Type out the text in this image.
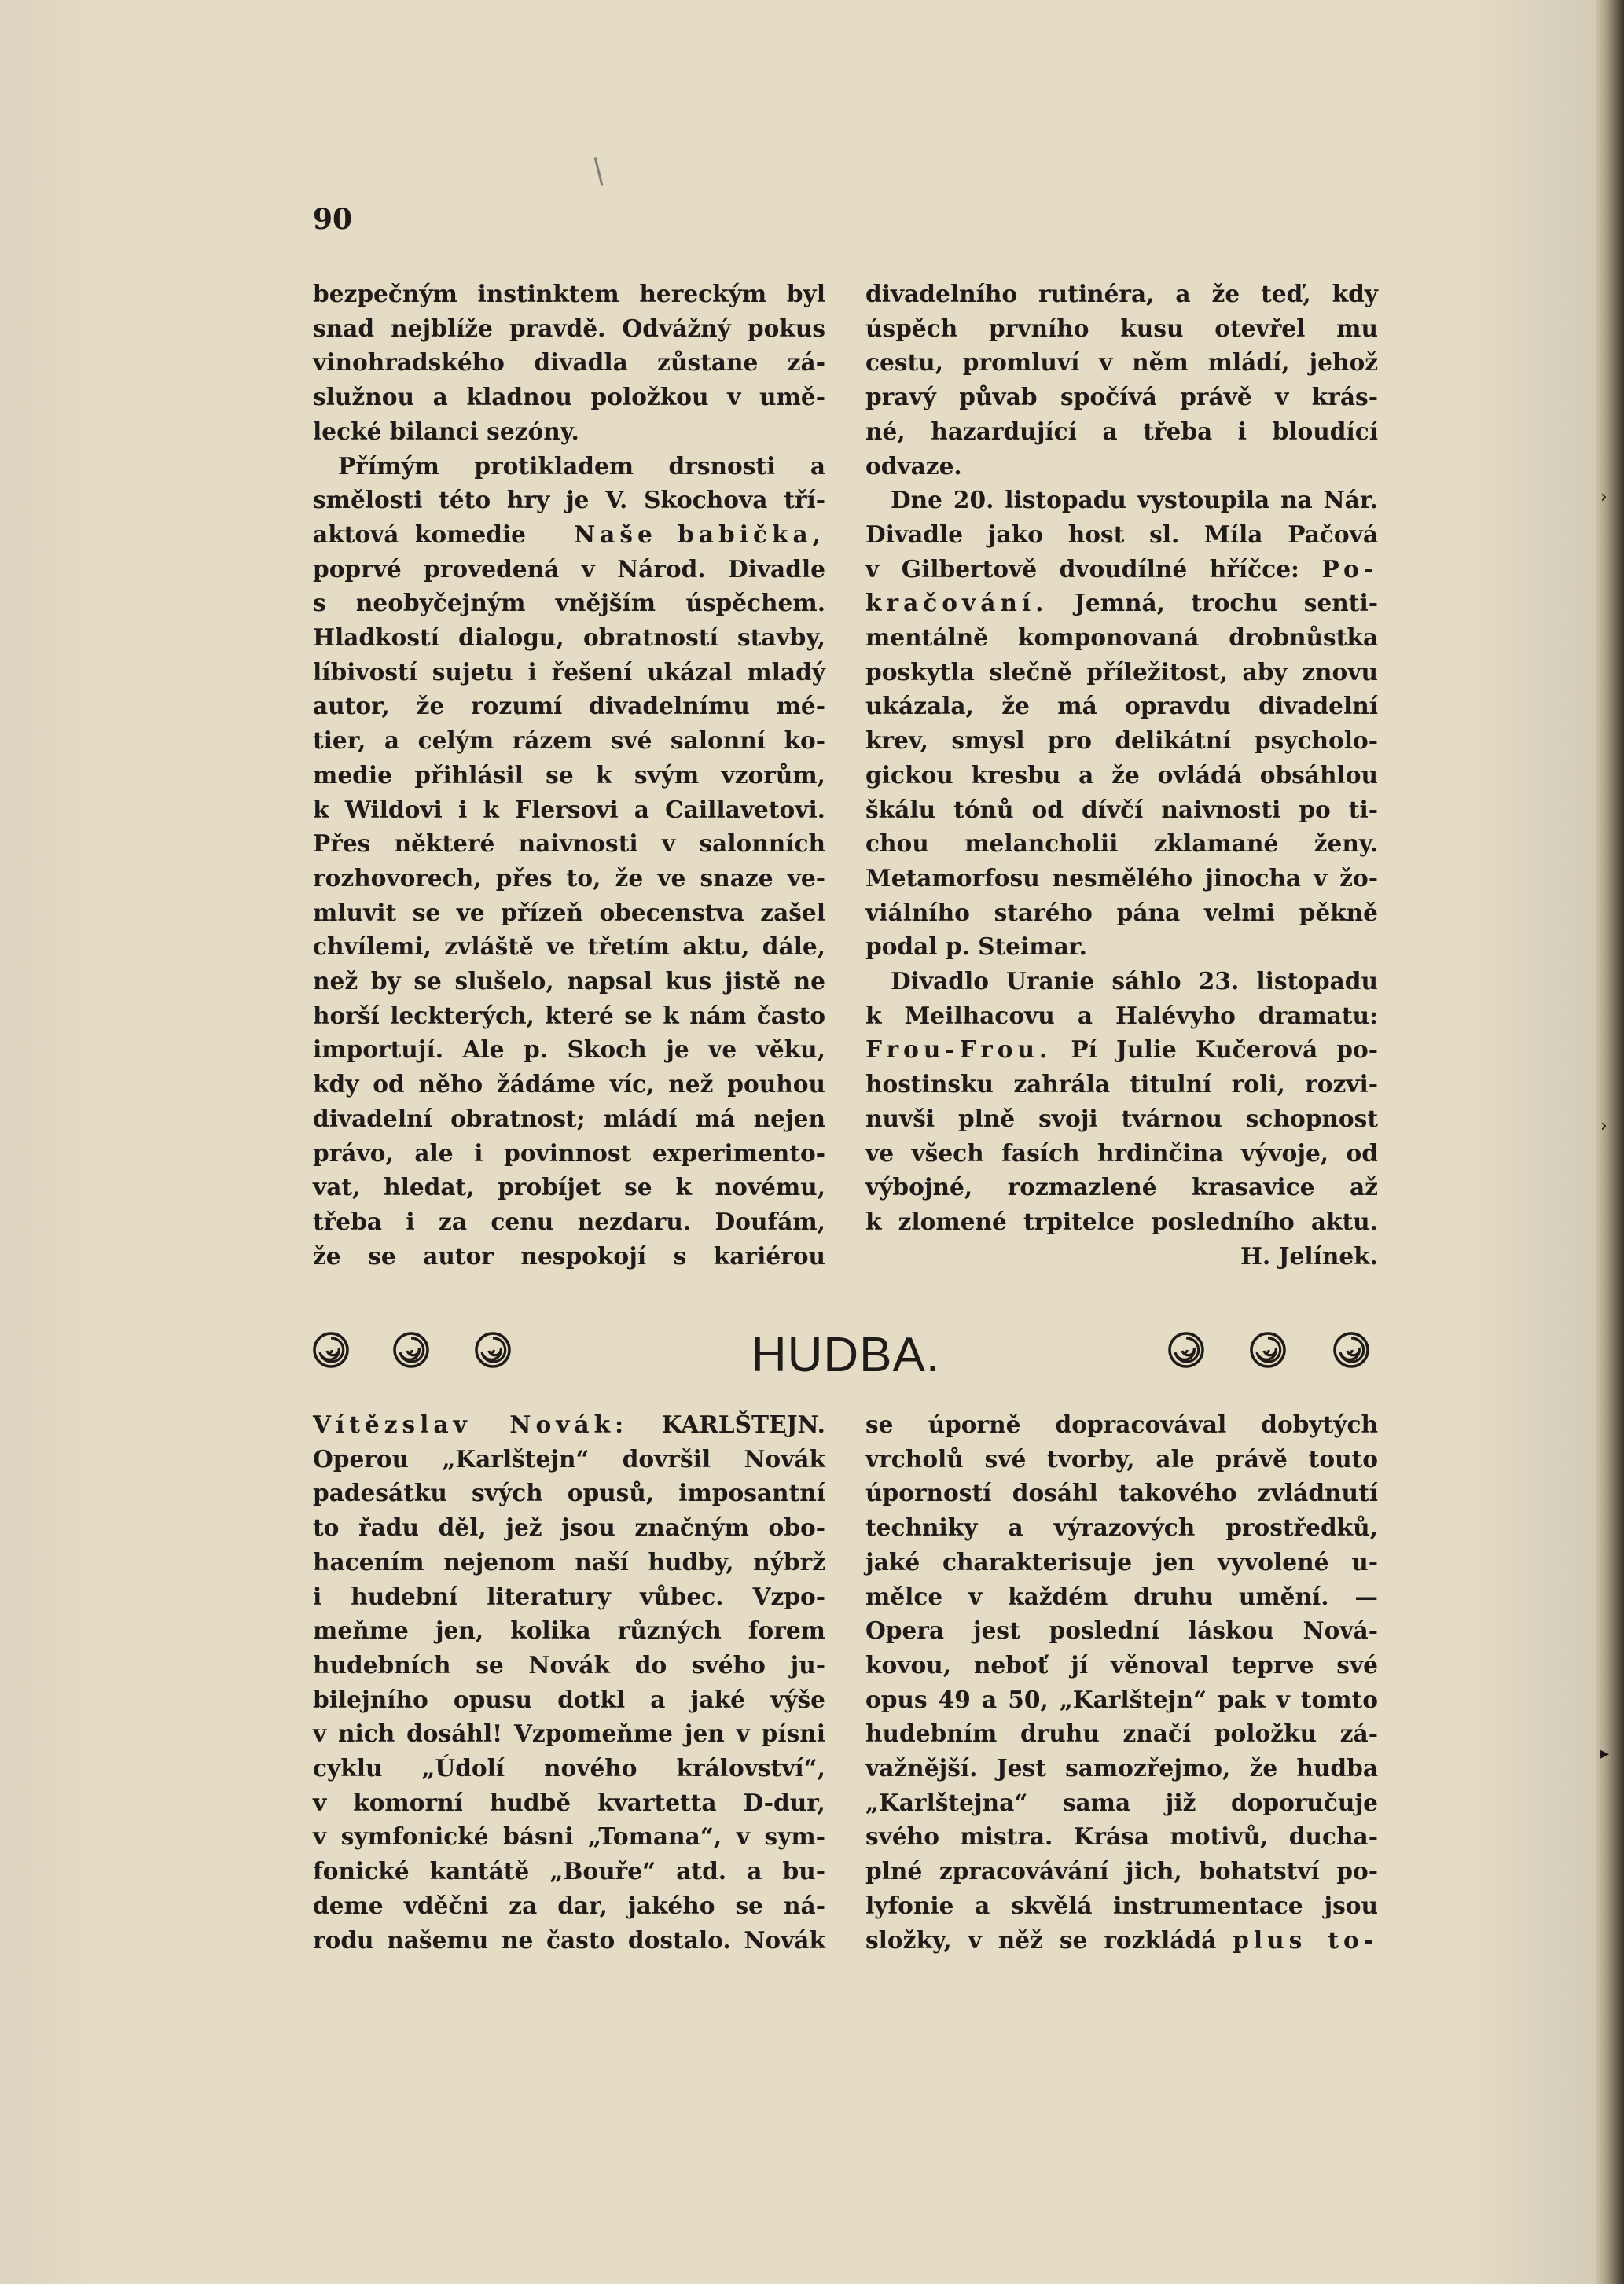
90

bezpečným instinktem hereckým byl

snad nejblíže pravdě. Odvážný pokus

vinohradského divadla zůstane zá-

služnou a kladnou položkou v umě-

lecké bilanci sezóny.

Přímým protikladem drsnosti a

smělosti této hry je V. Skochova tří-

aktová komedie Naše babička,

poprvé provedená v Národ. Divadle

s neobyčejným vnějším úspěchem.

Hladkostí dialogu, obratností stavby,

líbivostí sujetu i řešení ukázal mladý

autor, že rozumí divadelnímu mé-

tier, a celým rázem své salonní ko-

medie přihlásil se k svým vzorům,

k Wildovi i k Flersovi a Caillavetovi.

Přes některé naivnosti v salonních

rozhovorech, přes to, že ve snaze ve-

mluvit se ve přízeň obecenstva zašel

chvílemi, zvláště ve třetím aktu, dále,

než by se slušelo, napsal kus jistě ne

horší leckterých, které se k nám často

importují. Ale p. Skoch je ve věku,

kdy od něho žádáme víc, než pouhou

divadelní obratnost; mládí má nejen

právo, ale i povinnost experimento-

vat, hledat, probíjet se k novému,

třeba i za cenu nezdaru. Doufám,

že se autor nespokojí s kariérou

divadelního rutinéra, a že teď, kdy

úspěch prvního kusu otevřel mu

cestu, promluví v něm mládí, jehož

pravý půvab spočívá právě v krás-

né, hazardující a třeba i bloudící

odvaze.

Dne 20. listopadu vystoupila na Nár.

Divadle jako host sl. Míla Pačová

v Gilbertově dvoudílné hříčce: Po-

kračování. Jemná, trochu senti-

mentálně komponovaná drobnůstka

poskytla slečně příležitost, aby znovu

ukázala, že má opravdu divadelní

krev, smysl pro delikátní psycholo-

gickou kresbu a že ovládá obsáhlou

škálu tónů od dívčí naivnosti po ti-

chou melancholii zklamané ženy.

Metamorfosu nesmělého jinocha v žo-

viálního starého pána velmi pěkně

podal p. Steimar.

Divadlo Uranie sáhlo 23. listopadu

k Meilhacovu a Halévyho dramatu:

Frou-Frou. Pí Julie Kučerová po-

hostinsku zahrála titulní roli, rozvi-

nuvši plně svoji tvárnou schopnost

ve všech fasích hrdinčina vývoje, od

výbojné, rozmazlené krasavice až

k zlomené trpitelce posledního aktu.

H. Jelínek.

HUDBA.

Vítězslav Novák: KARLŠTEJN.

Operou „Karlštejn“ dovršil Novák

padesátku svých opusů, imposantní

to řadu děl, jež jsou značným obo-

hacením nejenom naší hudby, nýbrž

i hudební literatury vůbec. Vzpo-

meňme jen, kolika různých forem

hudebních se Novák do svého ju-

bilejního opusu dotkl a jaké výše

v nich dosáhl! Vzpomeňme jen v písni

cyklu „Údolí nového království“,

v komorní hudbě kvartetta D-dur,

v symfonické básni „Tomana“, v sym-

fonické kantátě „Bouře“ atd. a bu-

deme vděčni za dar, jakého se ná-

rodu našemu ne často dostalo. Novák

se úporně dopracovával dobytých

vrcholů své tvorby, ale právě touto

úporností dosáhl takového zvládnutí

techniky a výrazových prostředků,

jaké charakterisuje jen vyvolené u-

mělce v každém druhu umění. —

Opera jest poslední láskou Nová-

kovou, neboť jí věnoval teprve své

opus 49 a 50, „Karlštejn“ pak v tomto

hudebním druhu značí položku zá-

važnější. Jest samozřejmo, že hudba

„Karlštejna“ sama již doporučuje

svého mistra. Krása motivů, ducha-

plné zpracovávání jich, bohatství po-

lyfonie a skvělá instrumentace jsou

složky, v něž se rozkládá plus to-

›
›
▸
